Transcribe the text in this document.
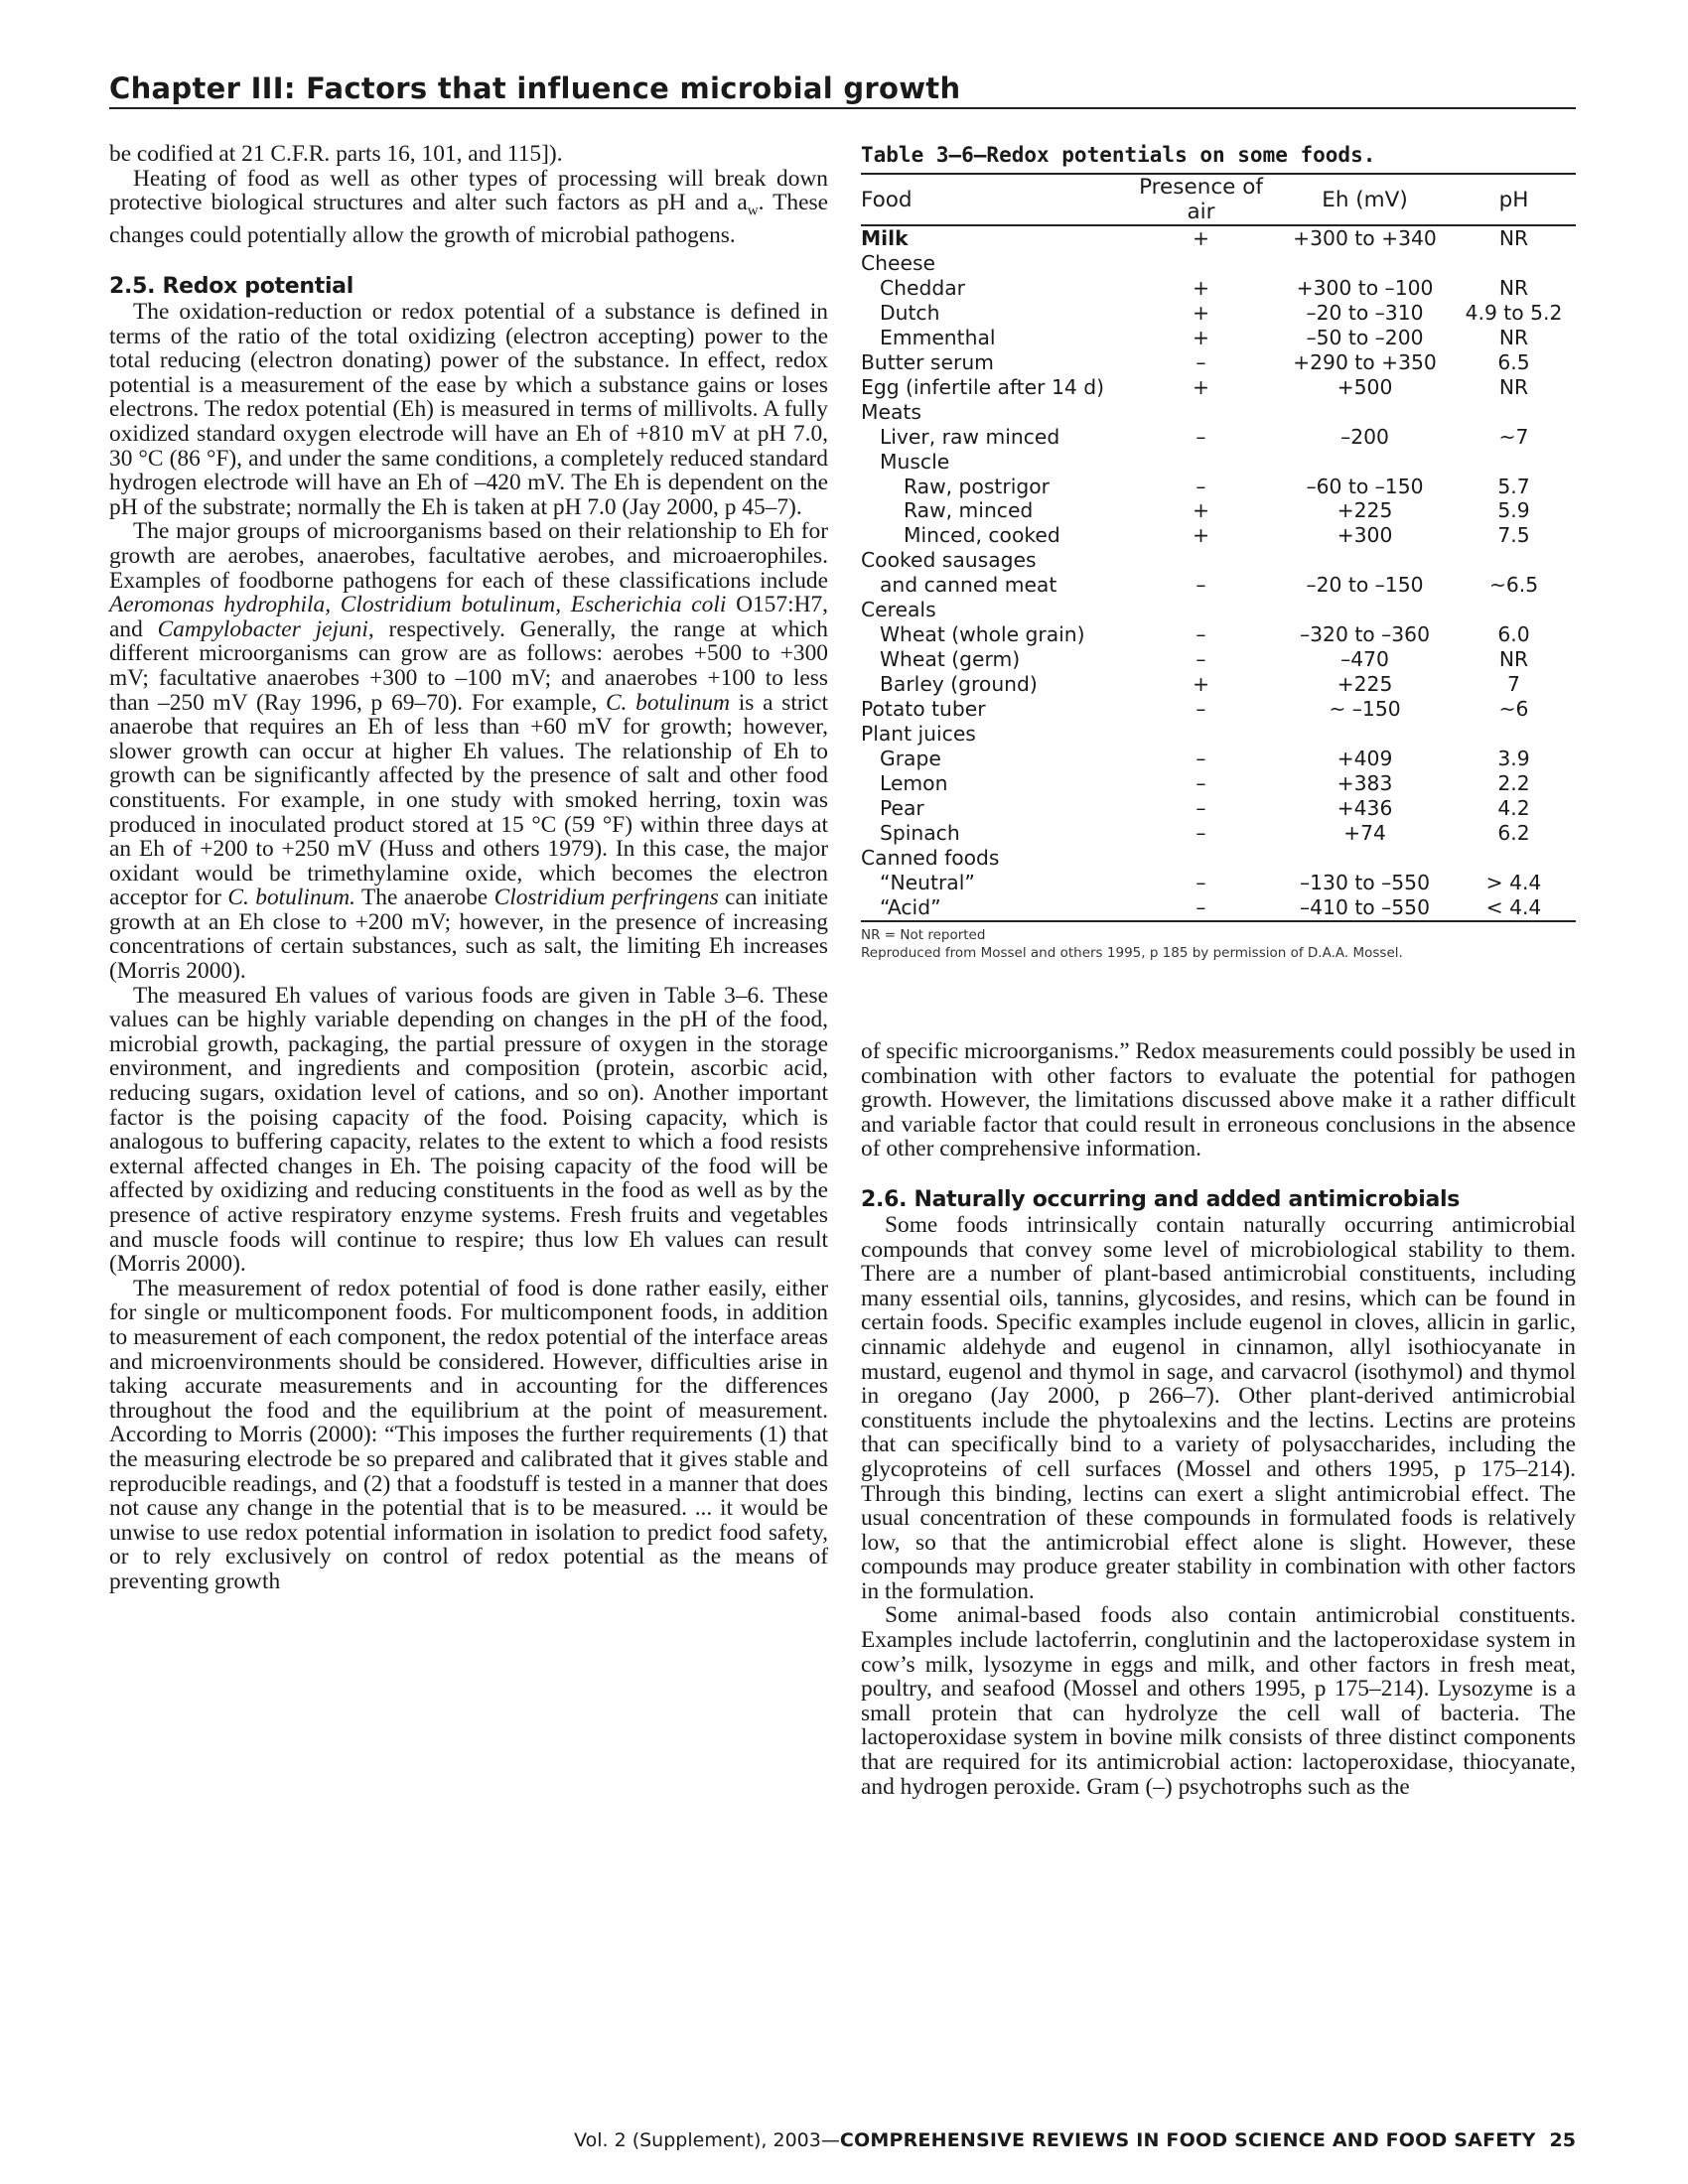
Chapter III: Factors that influence microbial growth

be codified at 21 C.F.R. parts 16, 101, and 115]).

Heating of food as well as other types of processing will break down protective biological structures and alter such factors as pH and $a_w$. These changes could potentially allow the growth of microbial pathogens.

2.5. Redox potential

The oxidation-reduction or redox potential of a substance is defined in terms of the ratio of the total oxidizing (electron accepting) power to the total reducing (electron donating) power of the substance. In effect, redox potential is a measurement of the ease by which a substance gains or loses electrons. The redox potential (Eh) is measured in terms of millivolts. A fully oxidized standard oxygen electrode will have an Eh of +810 mV at pH 7.0, 30 °C (86 °F), and under the same conditions, a completely reduced standard hydrogen electrode will have an Eh of –420 mV. The Eh is dependent on the pH of the substrate; normally the Eh is taken at pH 7.0 (Jay 2000, p 45–7).

The major groups of microorganisms based on their relationship to Eh for growth are aerobes, anaerobes, facultative aerobes, and microaerophiles. Examples of foodborne pathogens for each of these classifications include Aeromonas hydrophila, Clostridium botulinum, Escherichia coli O157:H7, and Campylobacter jejuni, respectively. Generally, the range at which different microorganisms can grow are as follows: aerobes +500 to +300 mV; facultative anaerobes +300 to –100 mV; and anaerobes +100 to less than –250 mV (Ray 1996, p 69–70). For example, C. botulinum is a strict anaerobe that requires an Eh of less than +60 mV for growth; however, slower growth can occur at higher Eh values. The relationship of Eh to growth can be significantly affected by the presence of salt and other food constituents. For example, in one study with smoked herring, toxin was produced in inoculated product stored at 15 °C (59 °F) within three days at an Eh of +200 to +250 mV (Huss and others 1979). In this case, the major oxidant would be trimethylamine oxide, which becomes the electron acceptor for C. botulinum. The anaerobe Clostridium perfringens can initiate growth at an Eh close to +200 mV; however, in the presence of increasing concentrations of certain substances, such as salt, the limiting Eh increases (Morris 2000).

The measured Eh values of various foods are given in Table 3–6. These values can be highly variable depending on changes in the pH of the food, microbial growth, packaging, the partial pressure of oxygen in the storage environment, and ingredients and composition (protein, ascorbic acid, reducing sugars, oxidation level of cations, and so on). Another important factor is the poising capacity of the food. Poising capacity, which is analogous to buffering capacity, relates to the extent to which a food resists external affected changes in Eh. The poising capacity of the food will be affected by oxidizing and reducing constituents in the food as well as by the presence of active respiratory enzyme systems. Fresh fruits and vegetables and muscle foods will continue to respire; thus low Eh values can result (Morris 2000).

The measurement of redox potential of food is done rather easily, either for single or multicomponent foods. For multicomponent foods, in addition to measurement of each component, the redox potential of the interface areas and microenvironments should be considered. However, difficulties arise in taking accurate measurements and in accounting for the differences throughout the food and the equilibrium at the point of measurement. According to Morris (2000): “This imposes the further requirements (1) that the measuring electrode be so prepared and calibrated that it gives stable and reproducible readings, and (2) that a foodstuff is tested in a manner that does not cause any change in the potential that is to be measured. ... it would be unwise to use redox potential information in isolation to predict food safety, or to rely exclusively on control of redox potential as the means of preventing growth

Table 3–6—Redox potentials on some foods.
Food	Presence of air	Eh (mV)	pH
Milk	+	+300 to +340	NR
Cheese			
Cheddar	+	+300 to –100	NR
Dutch	+	–20 to –310	4.9 to 5.2
Emmenthal	+	–50 to –200	NR
Butter serum	–	+290 to +350	6.5
Egg (infertile after 14 d)	+	+500	NR
Meats			
Liver, raw minced	–	–200	~7
Muscle			
Raw, postrigor	–	–60 to –150	5.7
Raw, minced	+	+225	5.9
Minced, cooked	+	+300	7.5
Cooked sausages			
and canned meat	–	–20 to –150	~6.5
Cereals			
Wheat (whole grain)	–	–320 to –360	6.0
Wheat (germ)	–	–470	NR
Barley (ground)	+	+225	7
Potato tuber	–	~ –150	~6
Plant juices			
Grape	–	+409	3.9
Lemon	–	+383	2.2
Pear	–	+436	4.2
Spinach	–	+74	6.2
Canned foods			
“Neutral”	–	–130 to –550	> 4.4
“Acid”	–	–410 to –550	< 4.4
NR = Not reported
Reproduced from Mossel and others 1995, p 185 by permission of D.A.A. Mossel.

of specific microorganisms.” Redox measurements could possibly be used in combination with other factors to evaluate the potential for pathogen growth. However, the limitations discussed above make it a rather difficult and variable factor that could result in erroneous conclusions in the absence of other comprehensive information.

2.6. Naturally occurring and added antimicrobials

Some foods intrinsically contain naturally occurring antimicrobial compounds that convey some level of microbiological stability to them. There are a number of plant-based antimicrobial constituents, including many essential oils, tannins, glycosides, and resins, which can be found in certain foods. Specific examples include eugenol in cloves, allicin in garlic, cinnamic aldehyde and eugenol in cinnamon, allyl isothiocyanate in mustard, eugenol and thymol in sage, and carvacrol (isothymol) and thymol in oregano (Jay 2000, p 266–7). Other plant-derived antimicrobial constituents include the phytoalexins and the lectins. Lectins are proteins that can specifically bind to a variety of polysaccharides, including the glycoproteins of cell surfaces (Mossel and others 1995, p 175–214). Through this binding, lectins can exert a slight antimicrobial effect. The usual concentration of these compounds in formulated foods is relatively low, so that the antimicrobial effect alone is slight. However, these compounds may produce greater stability in combination with other factors in the formulation.

Some animal-based foods also contain antimicrobial constituents. Examples include lactoferrin, conglutinin and the lactoperoxidase system in cow’s milk, lysozyme in eggs and milk, and other factors in fresh meat, poultry, and seafood (Mossel and others 1995, p 175–214). Lysozyme is a small protein that can hydrolyze the cell wall of bacteria. The lactoperoxidase system in bovine milk consists of three distinct components that are required for its antimicrobial action: lactoperoxidase, thiocyanate, and hydrogen peroxide. Gram (–) psychotrophs such as the

Vol. 2 (Supplement), 2003—COMPREHENSIVE REVIEWS IN FOOD SCIENCE AND FOOD SAFETY 25
